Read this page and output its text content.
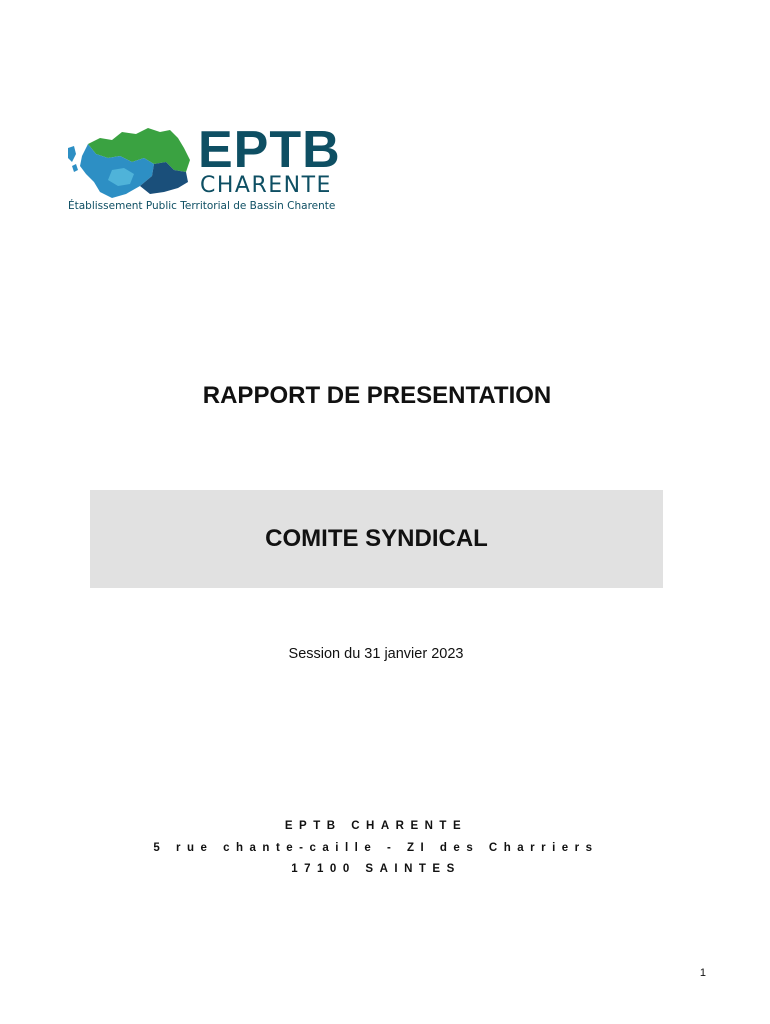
EPTB
CHARENTE
Établissement Public Territorial de Bassin Charente
RAPPORT DE PRESENTATION
COMITE SYNDICAL
Session du 31 janvier 2023
EPTB CHARENTE
5 rue chante-caille - ZI des Charriers
17100 SAINTES
1
